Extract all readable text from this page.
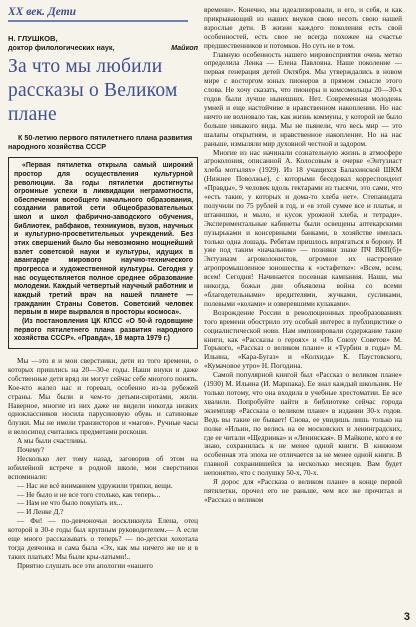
XX век. Дети
Н. ГЛУШКОВ,
доктор филологических наук,	Майкоп
За что мы любили рассказы о Великом плане
К 50-летию первого пятилетнего плана развития народного хозяйства СССР

«Первая пятилетка открыла самый широкий простор для осуществления культурной революции. За годы пятилетки достигнуты огромные успехи в ликвидации неграмотности, обеспечении всеобщего начального образования, создании равитой сети общеобразовательных школ и школ фабрично-заводского обучения, библиотек, рабфаков, техникумов, вузов, научных и культурно-просветительных учреждений. Без этих свершений было бы невозможно мощнейший взлет советской науки и культуры, идущих в авангарде мирового научно-технического прогресса и художественной культуры. Сегодня у нас осуществляется полное среднее образование молодежи. Каждый четвертый научный работник и каждый третий врач на нашей планете — гражданин Страны Советов. Советский человек первым в мире вырвался в просторы космоса».

(Из постановления ЦК КПСС «О 50-й годовщине первого пятилетнего плана развития народного хозяйства СССР». «Правда», 18 марта 1979 г.)

Мы —это я и мои сверстники, дети из того времени, о которых пришлись на 20—30-е годы. Наши внуки и даже собственные дети вряд ли могут сейчас себе многого понять. Кое-кто жалел нас и горевал, особенно из-за рубежей страны. Мы были в чем-то детьми-сиротами, жили. Наверное, многие из них даже не видели никогда низких одноклассников носила парусиновую обувь и сатиновые блузки. Мы не имели транзисторов и «магов». Ручные часы и велосипед считались предметами роскоши.

А мы были счастливы.

Почему?

Несколько лет тому назад, заговорив об этом на юбилейной встрече в родной школе, мои сверстники вспоминали:

— Нас же всё вниманием удружили тряпки, вещи.

— Не было и не все того столько, как теперь...

— Нам не что было покупать их...

— И Ленке Д.?

— Фи! — по-девчоночьи воскликнула Елена, отец которой в 30-е годы был крупным руководителем.— А если еще много рассказывать о теперь? — по-детски хохотала тогда девчонка и сама была «Эх, как мы ничего же не и в таких платьях! Мы были кры-латыми!..

Приятно слушать все эти апологии «нашего

времени». Конечно, мы идеализировали, и его, и себя, и как прикрывающий из наших внуков свою несоть свою нашей взрослые дети. В жизни каждого поколения есть свой особенностей, есть свое не всегда похожее на счастье предшественников и потомков. Но суть не в том.

Главную особенность нашего мировосприятия очень метко определила Ленка — Елена Павловна. Наше поколение — первая генерация детей Октября. Мы утверждались в новом мире с восторгом юных пионеров в прямом смысле этого слова. Не хочу сказать, что пионеры и комсомольцы 20—30-х годов были лучше нынешних. Нет. Современная молодежь умней и еще настойчиве в нравственном накоплении. Но нас ничто не волновало так, как жизнь коммуны, у которой не было больше никакого вида. Мы не пьянели, что весь мир — это шалапы открытиям, и нравственное накопление. Но на нас раньше, измыляли мир духовной честной и задором.

Многие из нас начинали сознательную жизнь в атмосфере агроколония, описанной А. Колосовым в очерке «Энтузиаст хлеба мотылях» (1929). Из 18 учащихся Балахинской ШКМ (Нижнее Поволжье), с которыми беседовал корреспондент «Правды», 9 человек вдоль гектарами из тысячи, это сами, что «есть такие, у которых и дома-то хлеба нет». Степанидата получили по 75 рублей в год, и «в этой сумме все и платья, и штанишки, и мыло, и кусок урожной хлеба, и тетради». Экспериментальные кабинеты были освещены аптекарскими пузырьками и консервными банками, в хозяйстве имелась только одна лошадь. Ребятам пришлось впрягаться в борону. И уже под таким «начальник» — позняки знаке ПЧ ВКП(б)» Энтузиазм агроколонистов, огромное их настроение агропромышленное юношества к «эстафетке»: «Всем, всем, всем! Сегодня! Начинается посевная кампания. Наши, мы никогда, божьи дни объявлена война со всеми «благодетельными» вредителями, жучками, сусликами, полевыми «колами» и озверевшими кулаками».

Возрождение России в революционных преобразованиях того времени обострило эту особый интерес в публицистике о социалистической нови. Нам импонировали содержание такие книги, как «Рассказы о героях» и «По Союзу Советов» М. Горького, «Рассказ о великом плане» и «Турбин в годы» М. Ильина, «Кара-Бугаз» и «Колхида» К. Паустовского, «Кумачовое утро» Н. Погодина.

Самой популярной книгой был «Рассказ о великом плане» (1930) М. Ильина (И. Маршака). Ее знал каждый школьник. Не только потому, что она входила в учебные хрестоматии. Ее все хвалили. Попробуйте найти в библиотеке сейчас города экземпляр «Рассказа о великом плане» в издании 30-х годов. Ведь вы такие не бывает! Снова, ее увидишь лишь только на полке «Ильин, по велись на ее московских и ленинградских, где ее читали «Щедринка» и «Ленинская». В Майкопе, кого я ее знаю, сохранилась к не менее одной книги. В книжном особенная эта эпоха не отличается за не менее одной книги. В главной сохранившейся за несколько месяцев. Вам будет непонятно, что с полушку 50-х, 70-х.

Я дорос для «Рассказа о великом плане» в конце первой пятилетки, прочел его не раньше, чем все же прочитал и «Рассказ о великом

3
